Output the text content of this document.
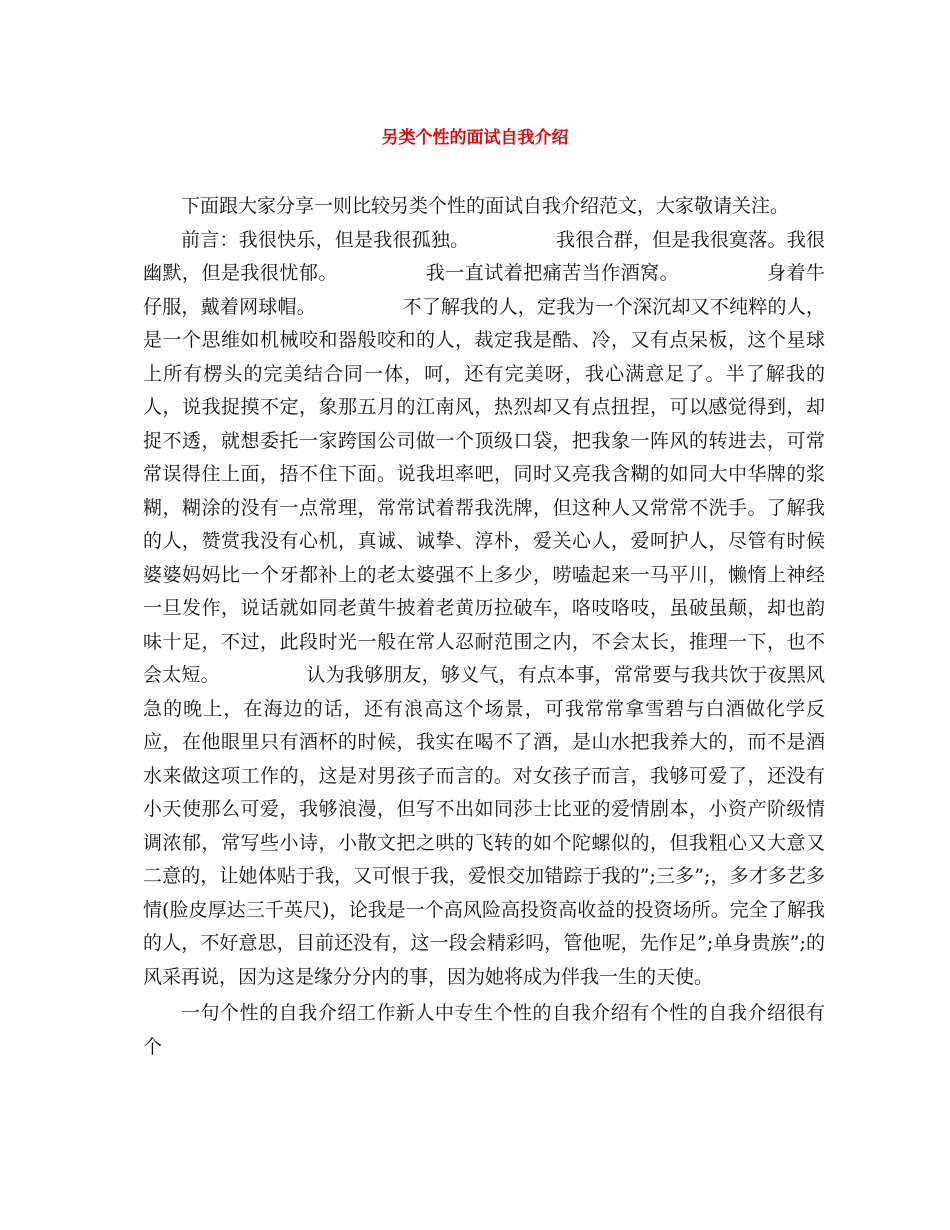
另类个性的面试自我介绍

下面跟大家分享一则比较另类个性的面试自我介绍范文，大家敬请关注。

前言：我很快乐，但是我很孤独。　　　　　我很合群，但是我很寞落。我很幽默，但是我很忧郁。　　　　　我一直试着把痛苦当作酒窝。　　　　　身着牛仔服，戴着网球帽。　　　　　不了解我的人，定我为一个深沉却又不纯粹的人，是一个思维如机械咬和器般咬和的人，裁定我是酷、冷，又有点呆板，这个星球上所有楞头的完美结合同一体，呵，还有完美呀，我心满意足了。半了解我的人，说我捉摸不定，象那五月的江南风，热烈却又有点扭捏，可以感觉得到，却捉不透，就想委托一家跨国公司做一个顶级口袋，把我象一阵风的转进去，可常常误得住上面，捂不住下面。说我坦率吧，同时又亮我含糊的如同大中华牌的浆糊，糊涂的没有一点常理，常常试着帮我洗牌，但这种人又常常不洗手。了解我的人，赞赏我没有心机，真诚、诚挚、淳朴，爱关心人，爱呵护人，尽管有时候婆婆妈妈比一个牙都补上的老太婆强不上多少，唠嗑起来一马平川，懒惰上神经一旦发作，说话就如同老黄牛披着老黄历拉破车，咯吱咯吱，虽破虽颠，却也韵味十足，不过，此段时光一般在常人忍耐范围之内，不会太长，推理一下，也不会太短。　　　　　认为我够朋友，够义气，有点本事，常常要与我共饮于夜黑风急的晚上，在海边的话，还有浪高这个场景，可我常常拿雪碧与白酒做化学反应，在他眼里只有酒杯的时候，我实在喝不了酒，是山水把我养大的，而不是酒水来做这项工作的，这是对男孩子而言的。对女孩子而言，我够可爱了，还没有小天使那么可爱，我够浪漫，但写不出如同莎士比亚的爱情剧本，小资产阶级情调浓郁，常写些小诗，小散文把之哄的飞转的如个陀螺似的，但我粗心又大意又二意的，让她体贴于我，又可恨于我，爱恨交加错踪于我的”;三多”;，多才多艺多情(脸皮厚达三千英尺)，论我是一个高风险高投资高收益的投资场所。完全了解我的人，不好意思，目前还没有，这一段会精彩吗，管他呢，先作足”;单身贵族”;的风采再说，因为这是缘分分内的事，因为她将成为伴我一生的天使。

一句个性的自我介绍工作新人中专生个性的自我介绍有个性的自我介绍很有个
